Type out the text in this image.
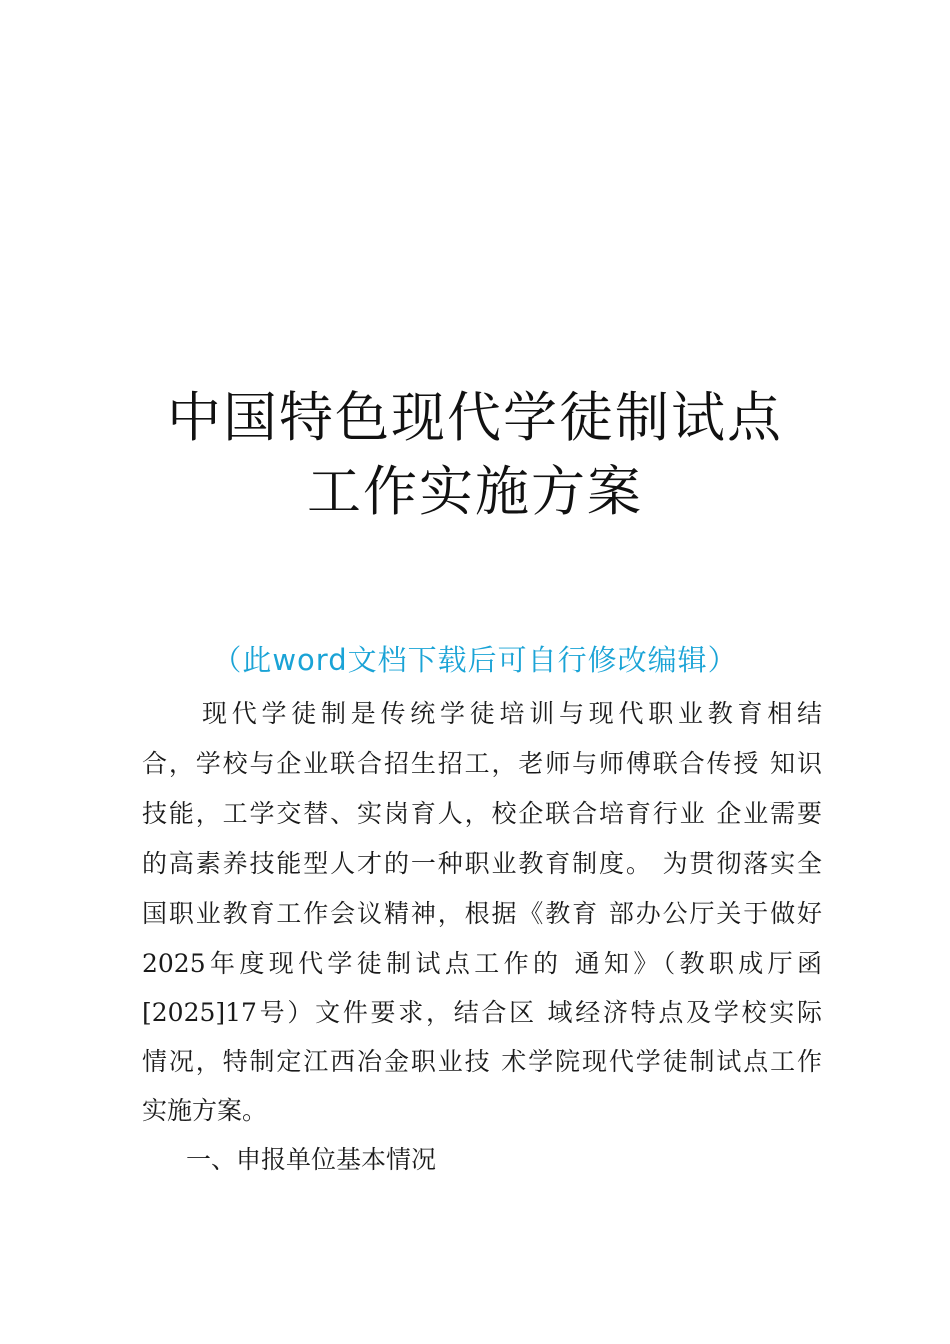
中国特色现代学徒制试点
工作实施方案
（此word文档下载后可自行修改编辑）
现代学徒制是传统学徒培训与现代职业教育相结
合，学校与企业联合招生招工，老师与师傅联合传授 知识
技能，工学交替、实岗育人，校企联合培育行业 企业需要
的高素养技能型人才的一种职业教育制度。 为贯彻落实全
国职业教育工作会议精神，根据《教育 部办公厅关于做好
2025年度现代学徒制试点工作的 通知》（教职成厅函
[2025]17号）文件要求，结合区 域经济特点及学校实际
情况，特制定江西冶金职业技 术学院现代学徒制试点工作
实施方案。
一、申报单位基本情况
